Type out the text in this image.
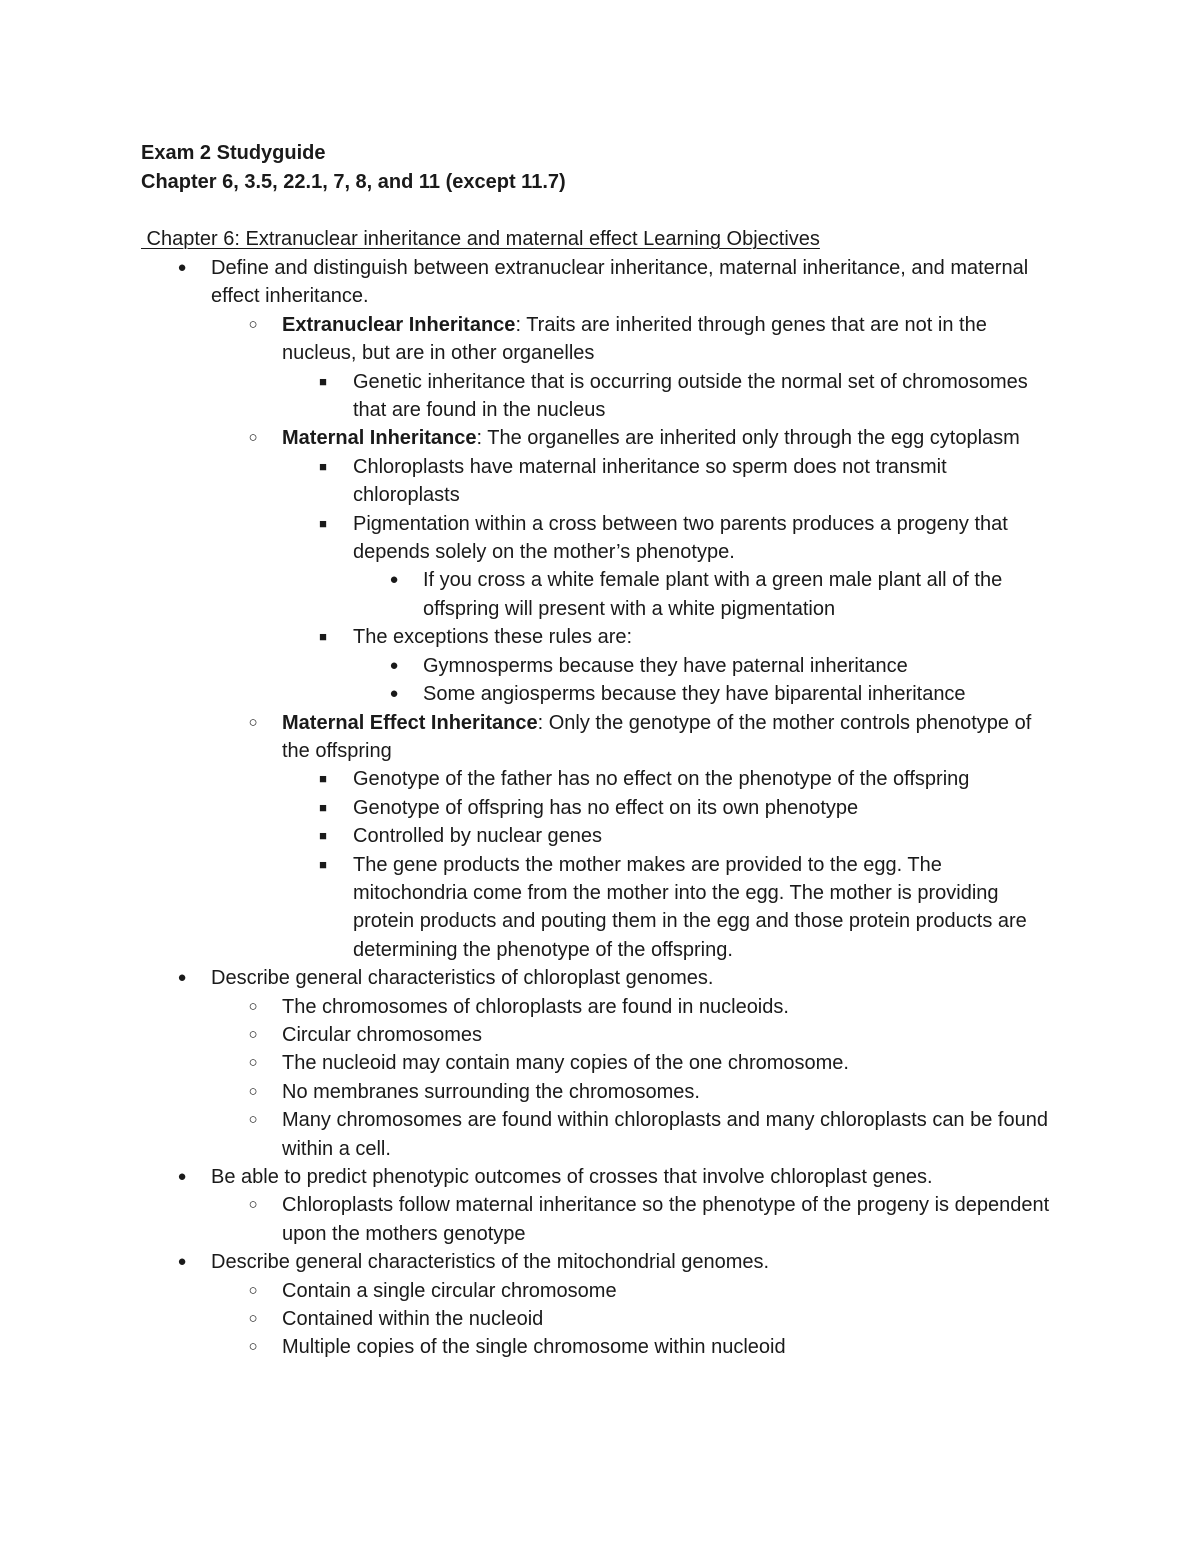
Exam 2 Studyguide

Chapter 6, 3.5, 22.1, 7, 8, and 11 (except 11.7)

Chapter 6: Extranuclear inheritance and maternal effect Learning Objectives

●
Define and distinguish between extranuclear inheritance, maternal inheritance, and maternal effect inheritance.
○
Extranuclear Inheritance: Traits are inherited through genes that are not in the nucleus, but are in other organelles
■
Genetic inheritance that is occurring outside the normal set of chromosomes that are found in the nucleus
○
Maternal Inheritance: The organelles are inherited only through the egg cytoplasm
■
Chloroplasts have maternal inheritance so sperm does not transmit chloroplasts
■
Pigmentation within a cross between two parents produces a progeny that depends solely on the mother’s phenotype.
●
If you cross a white female plant with a green male plant all of the offspring will present with a white pigmentation
■
The exceptions these rules are:
●
Gymnosperms because they have paternal inheritance
●
Some angiosperms because they have biparental inheritance
○
Maternal Effect Inheritance: Only the genotype of the mother controls phenotype of the offspring
■
Genotype of the father has no effect on the phenotype of the offspring
■
Genotype of offspring has no effect on its own phenotype
■
Controlled by nuclear genes
■
The gene products the mother makes are provided to the egg. The mitochondria come from the mother into the egg. The mother is providing protein products and pouting them in the egg and those protein products are determining the phenotype of the offspring.
●
Describe general characteristics of chloroplast genomes.
○
The chromosomes of chloroplasts are found in nucleoids.
○
Circular chromosomes
○
The nucleoid may contain many copies of the one chromosome.
○
No membranes surrounding the chromosomes.
○
Many chromosomes are found within chloroplasts and many chloroplasts can be found within a cell.
●
Be able to predict phenotypic outcomes of crosses that involve chloroplast genes.
○
Chloroplasts follow maternal inheritance so the phenotype of the progeny is dependent upon the mothers genotype
●
Describe general characteristics of the mitochondrial genomes.
○
Contain a single circular chromosome
○
Contained within the nucleoid
○
Multiple copies of the single chromosome within nucleoid
